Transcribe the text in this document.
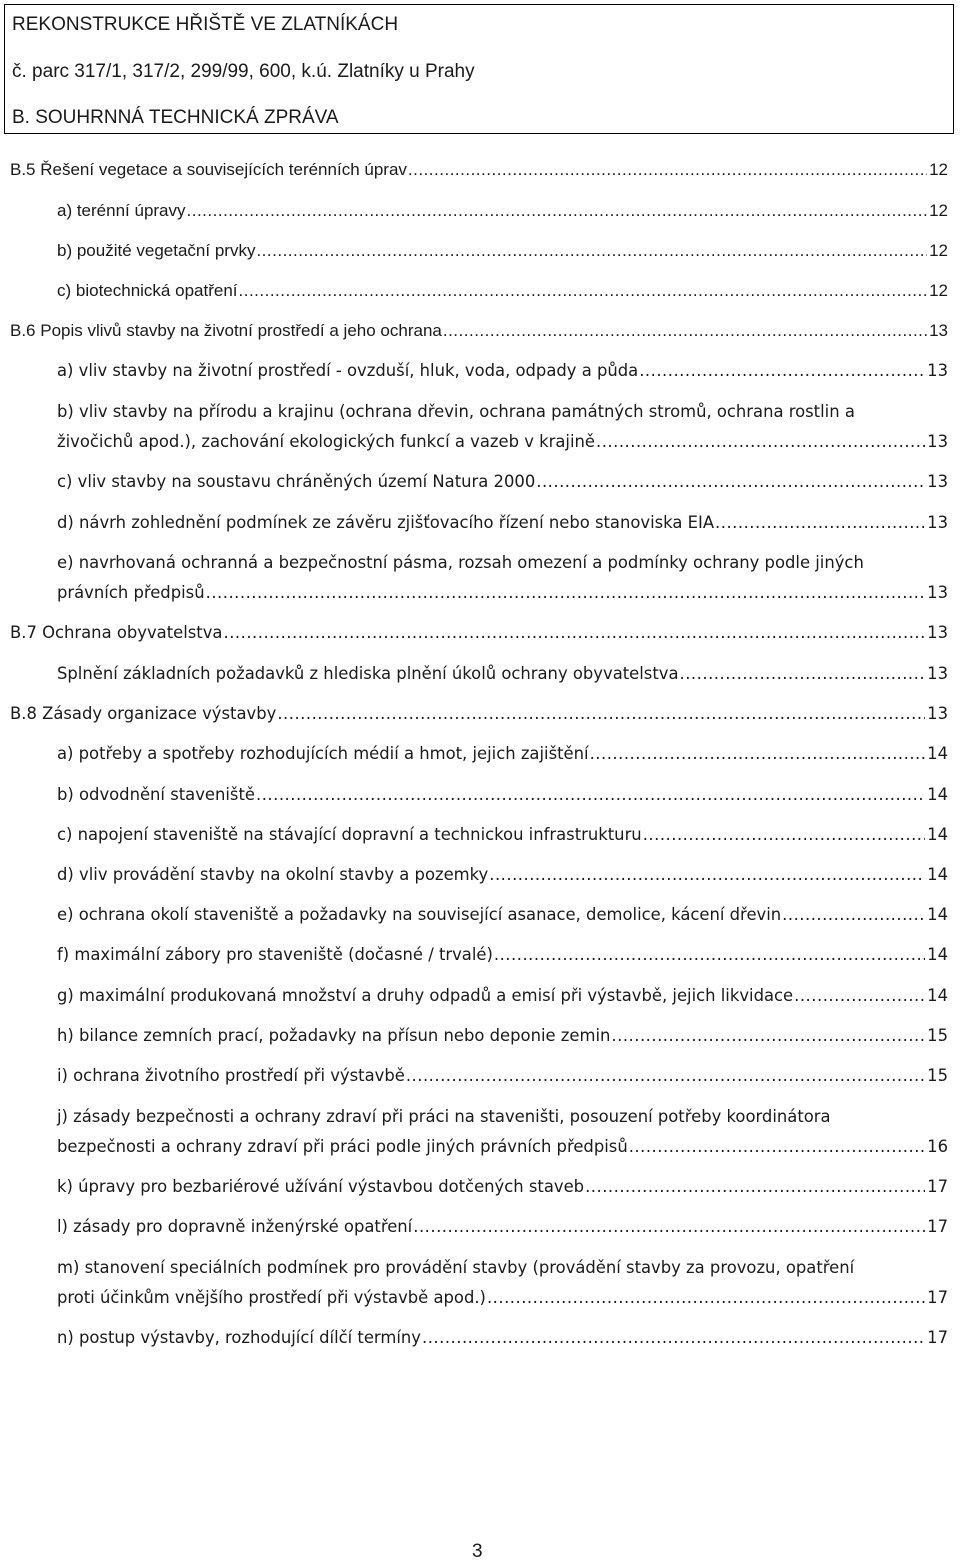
REKONSTRUKCE HŘIŠTĚ VE ZLATNÍKÁCH
č. parc 317/1, 317/2, 299/99, 600, k.ú. Zlatníky u Prahy
B. SOUHRNNÁ TECHNICKÁ ZPRÁVA
B.5 Řešení vegetace a souvisejících terénních úprav .....	12
a) terénní úpravy .....	12
b) použité vegetační prvky .....	12
c) biotechnická opatření .....	12
B.6 Popis vlivů stavby na životní prostředí a jeho ochrana .....	13
a) vliv stavby na životní prostředí - ovzduší, hluk, voda, odpady a půda .....	13
b) vliv stavby na přírodu a krajinu (ochrana dřevin, ochrana památných stromů, ochrana rostlin a
živočichů apod.), zachování ekologických funkcí a vazeb v krajině .....	13
c) vliv stavby na soustavu chráněných území Natura 2000 .....	13
d) návrh zohlednění podmínek ze závěru zjišťovacího řízení nebo stanoviska EIA .....	13
e) navrhovaná ochranná a bezpečnostní pásma, rozsah omezení a podmínky ochrany podle jiných
právních předpisů .....	13
B.7 Ochrana obyvatelstva .....	13
Splnění základních požadavků z hlediska plnění úkolů ochrany obyvatelstva .....	13
B.8 Zásady organizace výstavby .....	13
a) potřeby a spotřeby rozhodujících médií a hmot, jejich zajištění .....	14
b) odvodnění staveniště .....	14
c) napojení staveniště na stávající dopravní a technickou infrastrukturu .....	14
d) vliv provádění stavby na okolní stavby a pozemky .....	14
e) ochrana okolí staveniště a požadavky na související asanace, demolice, kácení dřevin .....	14
f) maximální zábory pro staveniště (dočasné / trvalé) .....	14
g) maximální produkovaná množství a druhy odpadů a emisí při výstavbě, jejich likvidace .....	14
h) bilance zemních prací, požadavky na přísun nebo deponie zemin .....	15
i) ochrana životního prostředí při výstavbě .....	15
j) zásady bezpečnosti a ochrany zdraví při práci na staveništi, posouzení potřeby koordinátora
bezpečnosti a ochrany zdraví při práci podle jiných právních předpisů .....	16
k) úpravy pro bezbariérové užívání výstavbou dotčených staveb .....	17
l) zásady pro dopravně inženýrské opatření .....	17
m) stanovení speciálních podmínek pro provádění stavby (provádění stavby za provozu, opatření
proti účinkům vnějšího prostředí při výstavbě apod.) .....	17
n) postup výstavby, rozhodující dílčí termíny .....	17
3
